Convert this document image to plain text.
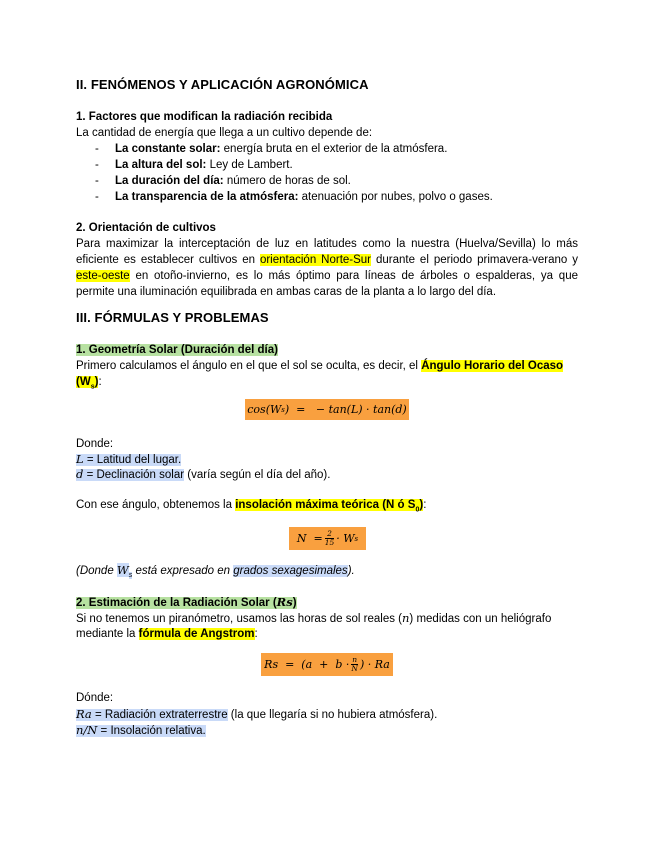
II. FENÓMENOS Y APLICACIÓN AGRONÓMICA
1. Factores que modifican la radiación recibida
La cantidad de energía que llega a un cultivo depende de:
- La constante solar: energía bruta en el exterior de la atmósfera.
- La altura del sol: Ley de Lambert.
- La duración del día: número de horas de sol.
- La transparencia de la atmósfera: atenuación por nubes, polvo o gases.
2. Orientación de cultivos
Para maximizar la interceptación de luz en latitudes como la nuestra (Huelva/Sevilla) lo más eficiente es establecer cultivos en orientación Norte-Sur durante el periodo primavera-verano y este-oeste en otoño-invierno, es lo más óptimo para líneas de árboles o espalderas, ya que permite una iluminación equilibrada en ambas caras de la planta a lo largo del día.
III. FÓRMULAS Y PROBLEMAS
1. Geometría Solar (Duración del día)
Primero calculamos el ángulo en el que el sol se oculta, es decir, el Ángulo Horario del Ocaso
$(W_s)$:
cos(W s )  =   − tan(L) · tan(d)
Donde:
L = Latitud del lugar.
d = Declinación solar (varía según el día del año).
Con ese ángulo, obtenemos la insolación máxima teórica (N ó $S_0$):
$N = \frac{2}{15} \cdot W$ s
(Donde $W_s$ está expresado en grados sexagesimales).
2. Estimación de la Radiación Solar (Rs)
Si no tenemos un piranómetro, usamos las horas de sol reales (n) medidas con un heliógrafo
mediante la fórmula de Angstrom:
$Rs = (a + b \cdot \frac{n}{N}$ ) · Ra
Dónde:
Ra = Radiación extraterrestre (la que llegaría si no hubiera atmósfera).
n/N = Insolación relativa.
